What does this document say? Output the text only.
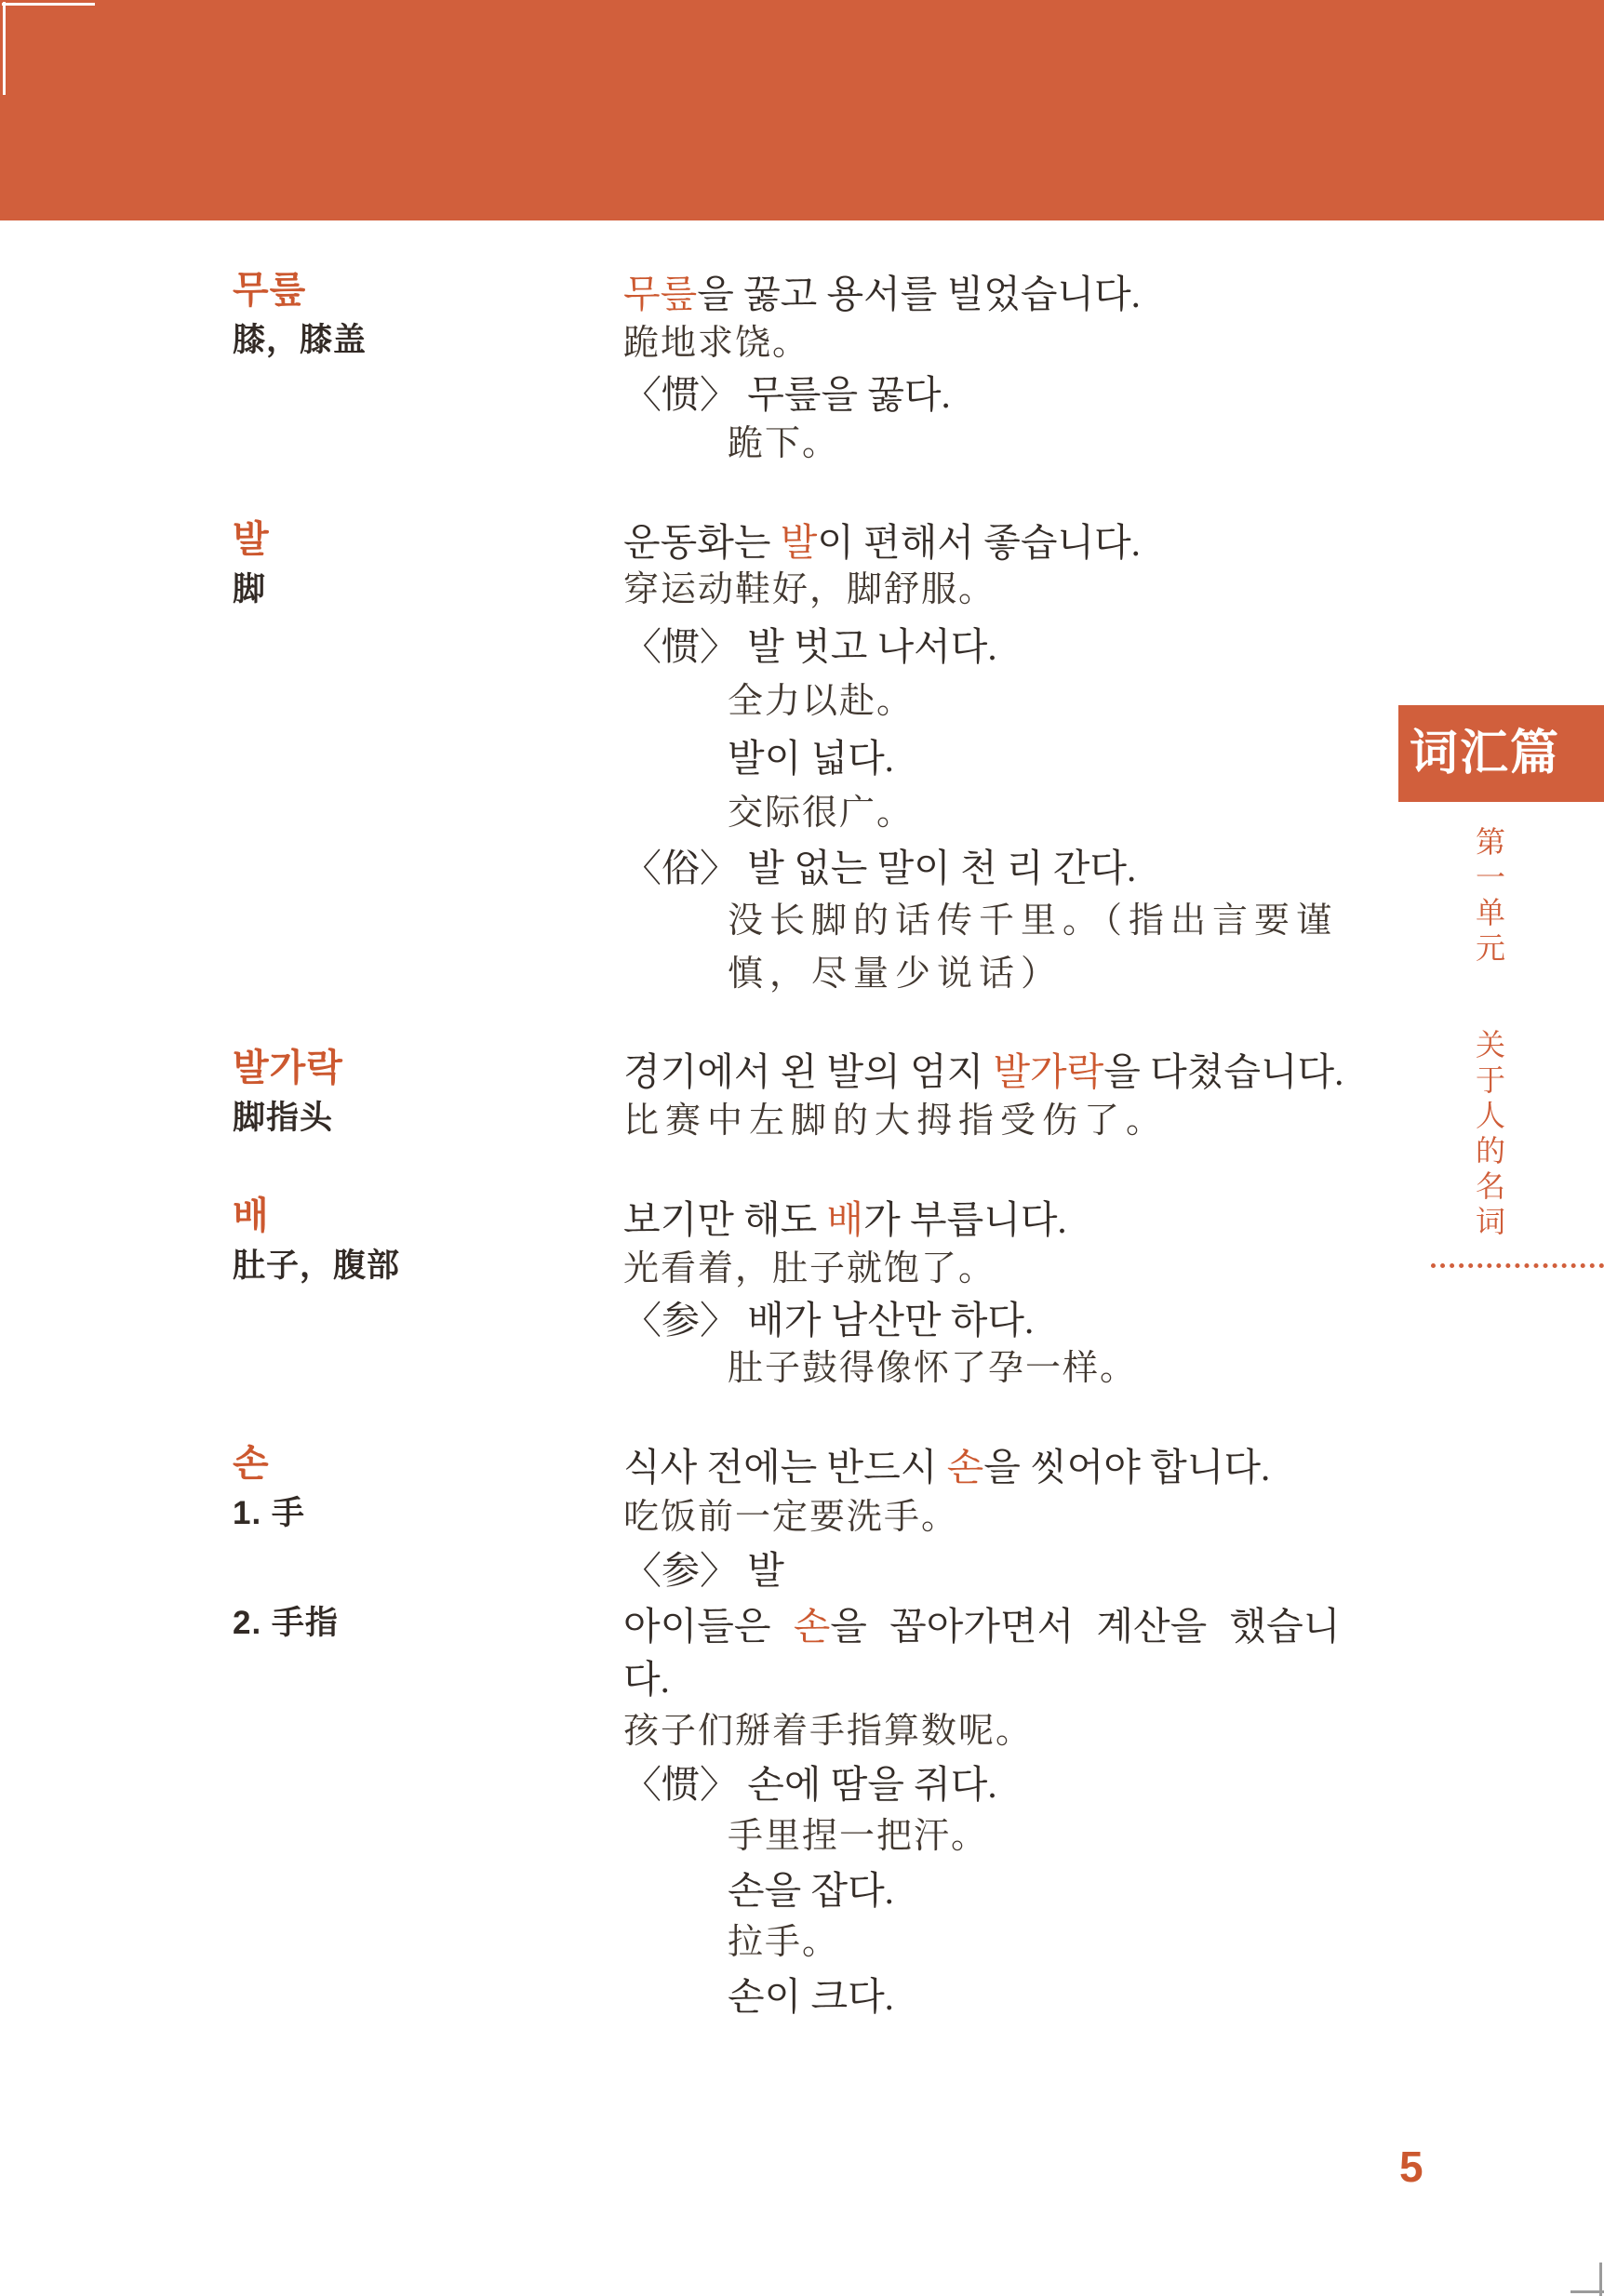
무릎
膝，膝盖
무릎을 꿇고 용서를 빌었습니다.
跪地求饶。
〈惯〉 무릎을 꿇다.
跪下。
발
脚
운동화는 발이 편해서 좋습니다.
穿运动鞋好，脚舒服。
〈惯〉 발 벗고 나서다.
全力以赴。
발이 넓다.
交际很广。
〈俗〉 발 없는 말이 천 리 간다.
没长脚的话传千里。（指出言要谨
慎，尽量少说话）
발가락
脚指头
경기에서 왼 발의 엄지 발가락을 다쳤습니다.
比赛中左脚的大拇指受伤了。
배
肚子，腹部
보기만 해도 배가 부릅니다.
光看着，肚子就饱了。
〈参〉 배가 남산만 하다.
肚子鼓得像怀了孕一样。
손
1. 手
2. 手指
식사 전에는 반드시 손을 씻어야 합니다.
吃饭前一定要洗手。
〈参〉 발
아이들은 손을 꼽아가면서 계산을 했습니
다.
孩子们掰着手指算数呢。
〈惯〉 손에 땀을 쥐다.
手里捏一把汗。
손을 잡다.
拉手。
손이 크다.
词汇篇
第一单元 关于人的名词
5
